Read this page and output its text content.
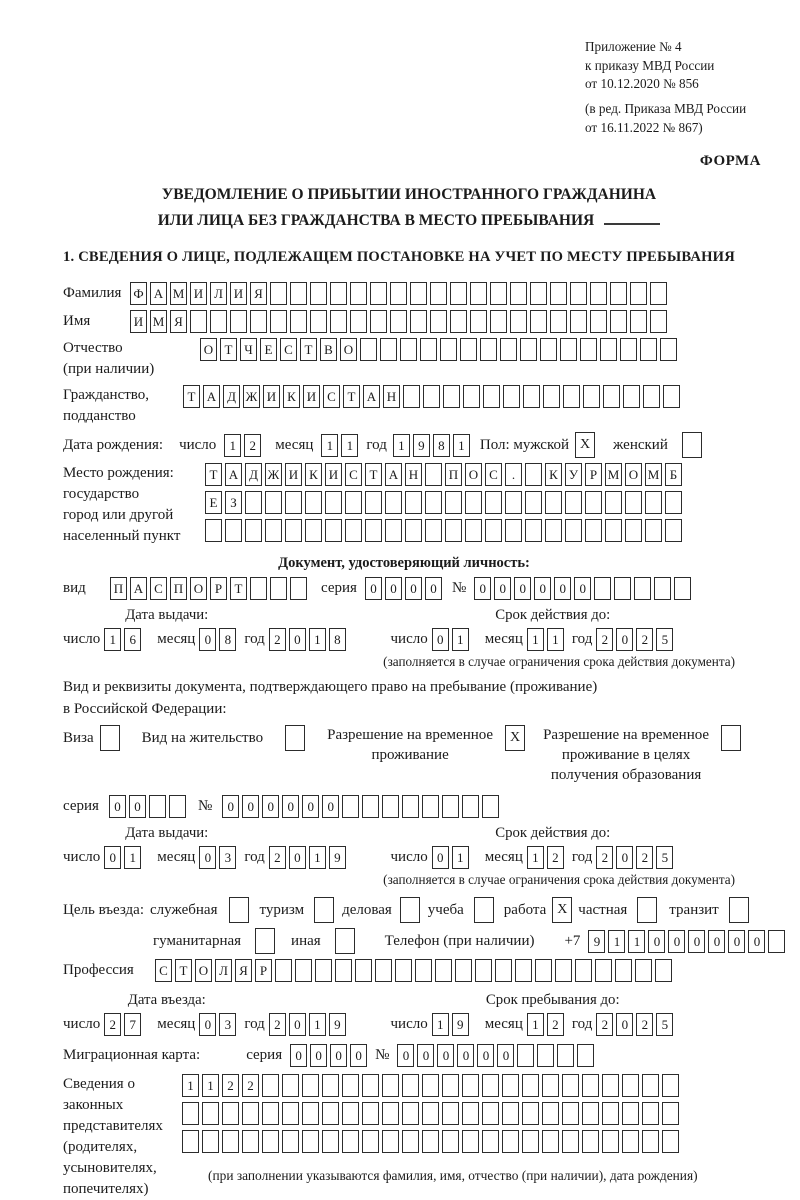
Приложение № 4
к приказу МВД России
от 10.12.2020 № 856
(в ред. Приказа МВД России
от 16.11.2022 № 867)
ФОРМА
УВЕДОМЛЕНИЕ О ПРИБЫТИИ ИНОСТРАННОГО ГРАЖДАНИНА
ИЛИ ЛИЦА БЕЗ ГРАЖДАНСТВА В МЕСТО ПРЕБЫВАНИЯ
1. СВЕДЕНИЯ О ЛИЦЕ, ПОДЛЕЖАЩЕМ ПОСТАНОВКЕ НА УЧЕТ ПО МЕСТУ ПРЕБЫВАНИЯ
Фамилия Ф А М И Л И Я
Имя	И М Я
Отчество
(при наличии)
О Т Ч Е С Т В О
Гражданство,
подданство
Т А Д Ж И К И С Т А Н
Дата рождения: число	1	2	месяц	1	1 год 1	9	8	1	Пол: мужской X	женский
Место рождения:
государство
город или другой
населенный пункт
Т А Д Ж И К И С Т А Н П О С	.	К У Р М О М Б
Е З
Документ, удостоверяющий личность:
вид	П А С П О Р Т	серия	0	0	0	0	№	0	0	0	0	0	0
Дата выдачи:
число 1	6	месяц 0	8 год 2	0	1	8
Срок действия до:
число 0	1	месяц 1	1 год 2	0	2	5
(заполняется в случае ограничения срока действия документа)
Вид и реквизиты документа, подтверждающего право на пребывание (проживание)
в Российской Федерации:
Виза	Вид на жительство	Разрешение на временное
проживание
X	Разрешение на временное
проживание в целях
получения образования
серия	0	0	№	0	0	0	0	0	0
Дата выдачи:
число 0	1	месяц 0	3 год 2	0	1	9
Срок действия до:
число 0	1	месяц 1	2 год 2	0	2	5
(заполняется в случае ограничения срока действия документа)
Цель въезда: служебная	туризм	деловая учеба	работа X частная	транзит
гуманитарная	иная	Телефон (при наличии) +7	9	1	1	0	0	0	0	0	0
Профессия	С Т О Л Я Р
Дата въезда:
число 2	7	месяц 0	3 год 2	0	1	9
Срок пребывания до:
число 1	9	месяц 1	2 год 2	0	2	5
Миграционная карта:	серия	0	0	0	0 №	0	0	0	0	0	0
Сведения о
законных
представителях
(родителях,
усыновителях,
попечителях)
1	1	2	2
(при заполнении указываются фамилия, имя, отчество (при наличии), дата рождения)
